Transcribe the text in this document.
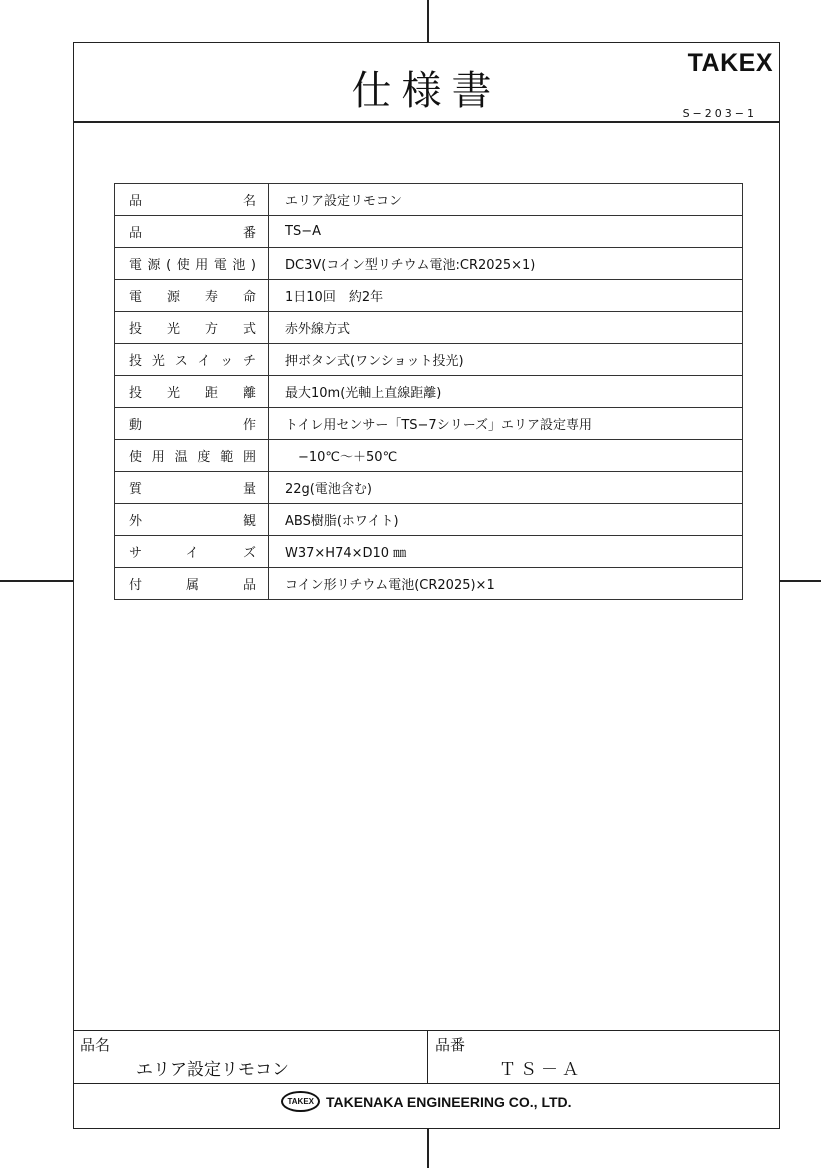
仕様書
TAKEX
S−203−1
品名	エリア設定リモコン
品番	TS−A
電源(使用電池)	DC3V(コイン型リチウム電池:CR2025×1)
電源寿命	1日10回　約2年
投光方式	赤外線方式
投光スイッチ	押ボタン式(ワンショット投光)
投光距離	最大10m(光軸上直線距離)
動作	トイレ用センサー「TS−7シリーズ」エリア設定専用
使用温度範囲	　−10℃〜＋50℃
質量	22g(電池含む)
外観	ABS樹脂(ホワイト)
サイズ	W37×H74×D10 ㎜
付属品	コイン形リチウム電池(CR2025)×1
品名
エリア設定リモコン
品番
ＴＳ－Ａ
TAKEX TAKENAKA ENGINEERING CO., LTD.
